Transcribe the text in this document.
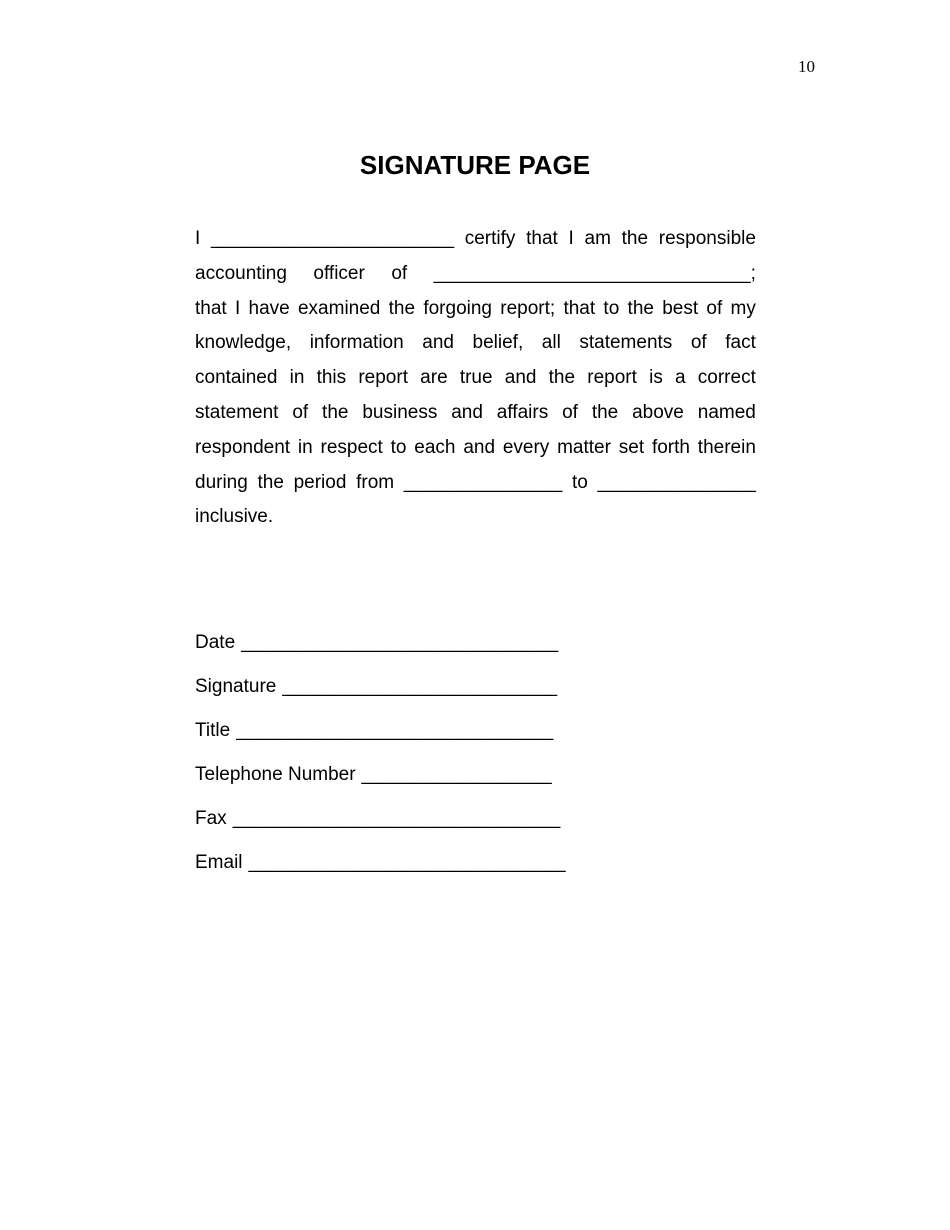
10
SIGNATURE PAGE
I _______________________ certify that I am the responsible
accounting officer of ______________________________;
that I have examined the forgoing report; that to the best of my
knowledge, information and belief, all statements of fact
contained in this report are true and the report is a correct
statement of the business and affairs of the above named
respondent in respect to each and every matter set forth therein
during the period from _______________ to _______________
inclusive.
Date ______________________________
Signature __________________________
Title ______________________________
Telephone Number __________________
Fax _______________________________
Email ______________________________
